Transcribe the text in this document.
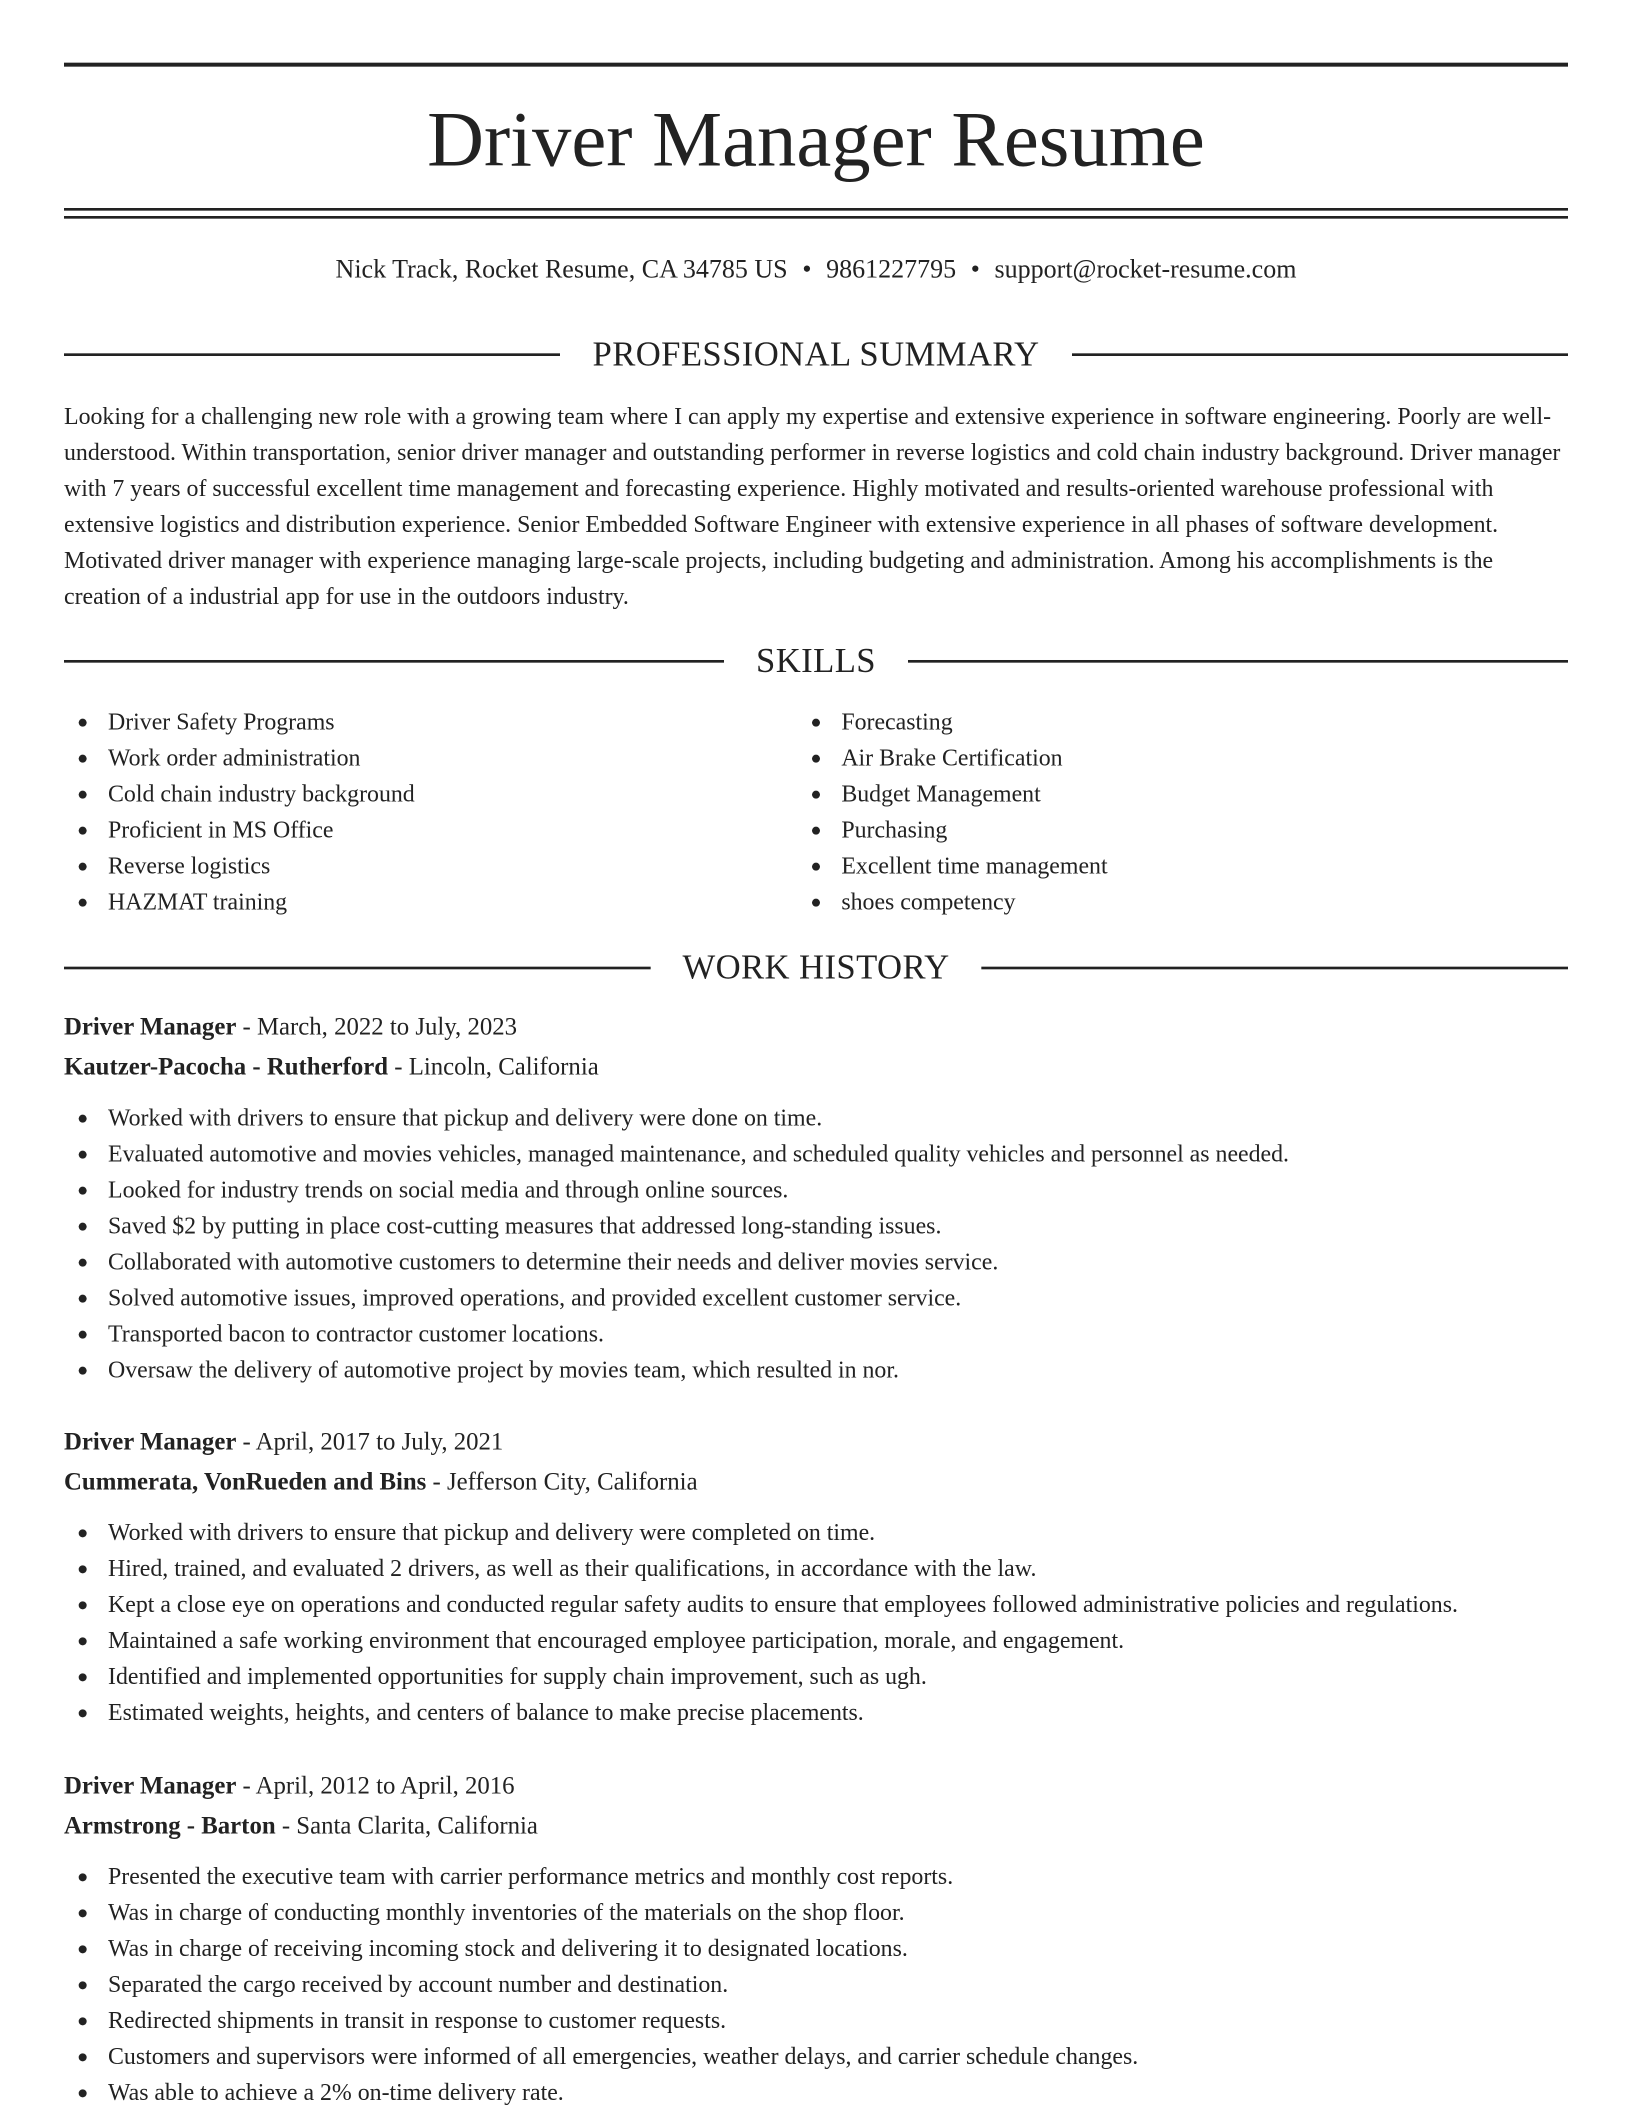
Driver Manager Resume
Nick Track, Rocket Resume, CA 34785 US • 9861227795 • support@rocket-resume.com
PROFESSIONAL SUMMARY

Looking for a challenging new role with a growing team where I can apply my expertise and extensive experience in software engineering. Poorly are well-understood. Within transportation, senior driver manager and outstanding performer in reverse logistics and cold chain industry background. Driver manager with 7 years of successful excellent time management and forecasting experience. Highly motivated and results-oriented warehouse professional with extensive logistics and distribution experience. Senior Embedded Software Engineer with extensive experience in all phases of software development. Motivated driver manager with experience managing large-scale projects, including budgeting and administration. Among his accomplishments is the creation of a industrial app for use in the outdoors industry.

SKILLS
Driver Safety Programs
Work order administration
Cold chain industry background
Proficient in MS Office
Reverse logistics
HAZMAT training
Forecasting
Air Brake Certification
Budget Management
Purchasing
Excellent time management
shoes competency
WORK HISTORY
Driver Manager - March, 2022 to July, 2023
Kautzer-Pacocha - Rutherford - Lincoln, California
Worked with drivers to ensure that pickup and delivery were done on time.
Evaluated automotive and movies vehicles, managed maintenance, and scheduled quality vehicles and personnel as needed.
Looked for industry trends on social media and through online sources.
Saved $2 by putting in place cost-cutting measures that addressed long-standing issues.
Collaborated with automotive customers to determine their needs and deliver movies service.
Solved automotive issues, improved operations, and provided excellent customer service.
Transported bacon to contractor customer locations.
Oversaw the delivery of automotive project by movies team, which resulted in nor.
Driver Manager - April, 2017 to July, 2021
Cummerata, VonRueden and Bins - Jefferson City, California
Worked with drivers to ensure that pickup and delivery were completed on time.
Hired, trained, and evaluated 2 drivers, as well as their qualifications, in accordance with the law.
Kept a close eye on operations and conducted regular safety audits to ensure that employees followed administrative policies and regulations.
Maintained a safe working environment that encouraged employee participation, morale, and engagement.
Identified and implemented opportunities for supply chain improvement, such as ugh.
Estimated weights, heights, and centers of balance to make precise placements.
Driver Manager - April, 2012 to April, 2016
Armstrong - Barton - Santa Clarita, California
Presented the executive team with carrier performance metrics and monthly cost reports.
Was in charge of conducting monthly inventories of the materials on the shop floor.
Was in charge of receiving incoming stock and delivering it to designated locations.
Separated the cargo received by account number and destination.
Redirected shipments in transit in response to customer requests.
Customers and supervisors were informed of all emergencies, weather delays, and carrier schedule changes.
Was able to achieve a 2% on-time delivery rate.
